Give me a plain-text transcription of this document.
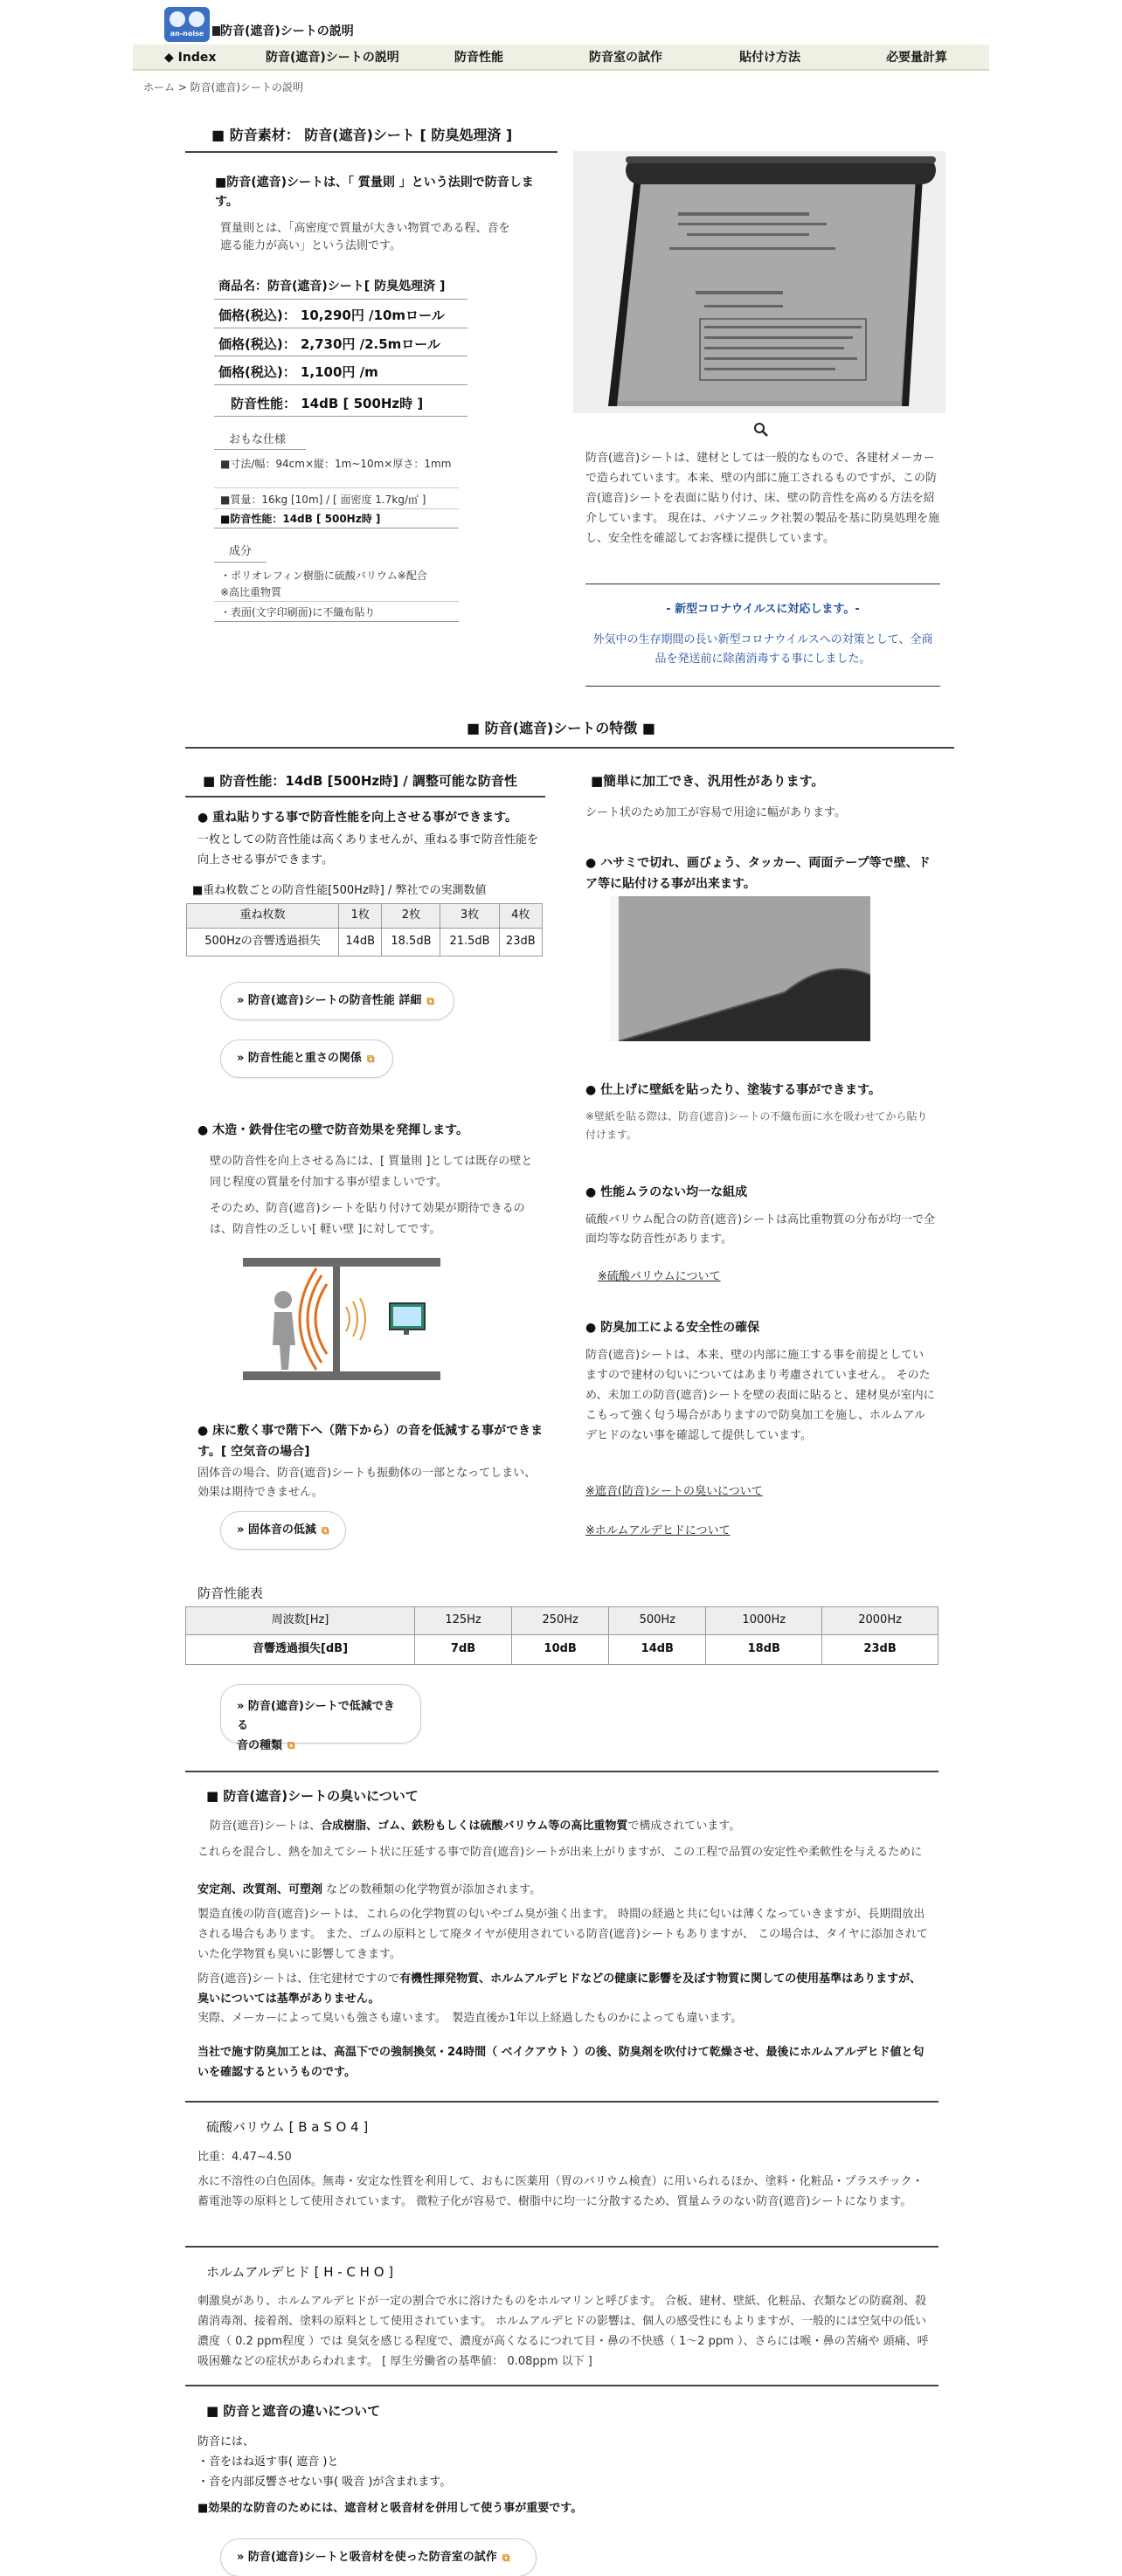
an-noise	防音(遮音)シートの説明
◆ Index	防音(遮音)シートの説明	防音性能	防音室の試作	貼付け方法	必要量計算
ホーム > 防音(遮音)シートの説明
■ 防音素材： 防音(遮音)シート [ 防臭処理済 ]
■防音(遮音)シートは、「 質量則 」という法則で防音します。
質量則とは、「高密度で質量が大きい物質である程、音を遮る能力が高い」という法則です。
商品名：防音(遮音)シート[ 防臭処理済 ]
価格(税込)： 10,290円 /10mロール
価格(税込)： 2,730円 /2.5mロール
価格(税込)： 1,100円 /m
防音性能： 14dB [ 500Hz時 ]
おもな仕様
■寸法/幅：94cm×縦：1m~10m×厚さ：1mm
■質量：16kg [10m] / [ 面密度 1.7kg/㎡ ]
■防音性能：14dB [ 500Hz時 ]
成分
・ポリオレフィン樹脂に硫酸バリウム※配合
※高比重物質
・表面(文字印刷面)に不織布貼り
防音(遮音)シートは、建材としては一般的なもので、各建材メーカーで造られています。本来、壁の内部に施工されるものですが、この防音(遮音)シートを表面に貼り付け、床、壁の防音性を高める方法を紹介しています。 現在は、パナソニック社製の製品を基に防臭処理を施し、安全性を確認してお客様に提供しています。
- 新型コロナウイルスに対応します。-
外気中の生存期間の長い新型コロナウイルスへの対策として、全商品を発送前に除菌消毒する事にしました。
■ 防音(遮音)シートの特徴 ■
■ 防音性能：14dB [500Hz時] / 調整可能な防音性
● 重ね貼りする事で防音性能を向上させる事ができます。
一枚としての防音性能は高くありませんが、重ねる事で防音性能を向上させる事ができます。
■重ね枚数ごとの防音性能[500Hz時] / 弊社での実測数値
重ね枚数	1枚	2枚	3枚	4枚
500Hzの音響透過損失	14dB	18.5dB	21.5dB	23dB
» 防音(遮音)シートの防音性能 詳細 ⧉
» 防音性能と重さの関係 ⧉
● 木造・鉄骨住宅の壁で防音効果を発揮します。
壁の防音性を向上させる為には、[ 質量則 ]としては既存の壁と同じ程度の質量を付加する事が望ましいです。
そのため、防音(遮音)シートを貼り付けて効果が期待できるのは、防音性の乏しい[ 軽い壁 ]に対してです。
● 床に敷く事で階下へ（階下から）の音を低減する事ができます。[ 空気音の場合]
固体音の場合、防音(遮音)シートも振動体の一部となってしまい、効果は期待できません。
» 固体音の低減 ⧉
■簡単に加工でき、汎用性があります。
シート状のため加工が容易で用途に幅があります。
● ハサミで切れ、画びょう、タッカー、両面テープ等で壁、ドア等に貼付ける事が出来ます。
● 仕上げに壁紙を貼ったり、塗装する事ができます。
※壁紙を貼る際は、防音(遮音)シートの不織布面に水を吸わせてから貼り付けます。
● 性能ムラのない均一な組成
硫酸バリウム配合の防音(遮音)シートは高比重物質の分布が均一で全面均等な防音性があります。
※硫酸バリウムについて
● 防臭加工による安全性の確保
防音(遮音)シートは、本来、壁の内部に施工する事を前提としていますので建材の匂いについてはあまり考慮されていません。 そのため、未加工の防音(遮音)シートを壁の表面に貼ると、建材臭が室内にこもって強く匂う場合がありますので防臭加工を施し、ホルムアルデヒドのない事を確認して提供しています。
※遮音(防音)シートの臭いについて
※ホルムアルデヒドについて
防音性能表
周波数[Hz]	125Hz	250Hz	500Hz	1000Hz	2000Hz
音響透過損失[dB]	7dB	10dB	14dB	18dB	23dB
» 防音(遮音)シートで低減できる
音の種類 ⧉
■ 防音(遮音)シートの臭いについて
防音(遮音)シートは、合成樹脂、ゴム、鉄粉もしくは硫酸バリウム等の高比重物質で構成されています。
これらを混合し、熱を加えてシート状に圧延する事で防音(遮音)シートが出来上がりますが、この工程で品質の安定性や柔軟性を与えるために
安定剤、改質剤、可塑剤 などの数種類の化学物質が添加されます。
製造直後の防音(遮音)シートは、これらの化学物質の匂いやゴム臭が強く出ます。 時間の経過と共に匂いは薄くなっていきますが、長期間放出される場合もあります。 また、ゴムの原料として廃タイヤが使用されている防音(遮音)シートもありますが、 この場合は、タイヤに添加されていた化学物質も臭いに影響してきます。
防音(遮音)シートは、住宅建材ですので有機性揮発物質、ホルムアルデヒドなどの健康に影響を及ぼす物質に関しての使用基準はありますが、臭いについては基準がありません。
実際、メーカーによって臭いも強さも違います。　製造直後か1年以上経過したものかによっても違います。
当社で施す防臭加工とは、高温下での強制換気・24時間（ ベイクアウト ）の後、防臭剤を吹付けて乾燥させ、最後にホルムアルデヒド値と匂いを確認するというものです。
硫酸バリウム [ B a S O 4 ]
比重：4.47~4.50
水に不溶性の白色固体。無毒・安定な性質を利用して、おもに医薬用（胃のバリウム検査）に用いられるほか、塗料・化粧品・プラスチック・蓄電池等の原料として使用されています。 微粒子化が容易で、樹脂中に均一に分散するため、質量ムラのない防音(遮音)シートになります。
ホルムアルデヒド [ H - C H O ]
刺激臭があり、ホルムアルデヒドが一定の割合で水に溶けたものをホルマリンと呼びます。 合板、建材、壁紙、化粧品、衣類などの防腐剤、殺菌消毒剤、接着剤、塗料の原料として使用されています。 ホルムアルデヒドの影響は、個人の感受性にもよりますが、一般的には空気中の低い濃度（ 0.2 ppm程度 ）では 臭気を感じる程度で、濃度が高くなるにつれて目・鼻の不快感（ 1～2 ppm ）、さらには喉・鼻の苦痛や 頭痛、呼吸困難などの症状があらわれます。 [ 厚生労働省の基準値： 0.08ppm 以下 ]
■ 防音と遮音の違いについて
防音には、
・音をはね返す事( 遮音 )と
・音を内部反響させない事( 吸音 )が含まれます。
■効果的な防音のためには、遮音材と吸音材を併用して使う事が重要です。
» 防音(遮音)シートと吸音材を使った防音室の試作 ⧉
